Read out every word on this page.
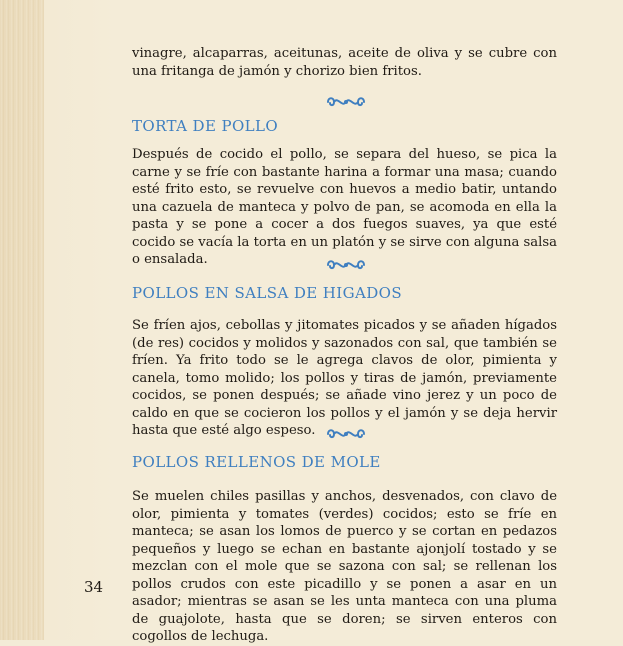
vinagre, alcaparras, aceitunas, aceite de oliva y se cubre con una fritanga de jamón y chorizo bien fritos.

TORTA DE POLLO

Después de cocido el pollo, se separa del hueso, se pica la carne y se fríe con bastante harina a formar una masa; cuando esté frito esto, se revuelve con huevos a medio batir, untando una cazuela de manteca y polvo de pan, se acomoda en ella la pasta y se pone a cocer a dos fuegos suaves, ya que esté cocido se vacía la torta en un platón y se sirve con alguna salsa o ensalada.

POLLOS EN SALSA DE HIGADOS

Se fríen ajos, cebollas y jitomates picados y se añaden hígados (de res) cocidos y molidos y sazonados con sal, que también se fríen. Ya frito todo se le agrega clavos de olor, pimienta y canela, tomo molido; los pollos y tiras de jamón, previamente cocidos, se ponen después; se añade vino jerez y un poco de caldo en que se cocieron los pollos y el jamón y se deja hervir hasta que esté algo espeso.

POLLOS RELLENOS DE MOLE

Se muelen chiles pasillas y anchos, desvenados, con clavo de olor, pimienta y tomates (verdes) cocidos; esto se fríe en manteca; se asan los lomos de puerco y se cortan en pedazos pequeños y luego se echan en bastante ajonjolí tostado y se mezclan con el mole que se sazona con sal; se rellenan los pollos crudos con este picadillo y se ponen a asar en un asador; mientras se asan se les unta manteca con una pluma de guajolote, hasta que se doren; se sirven enteros con cogollos de lechuga.

34
